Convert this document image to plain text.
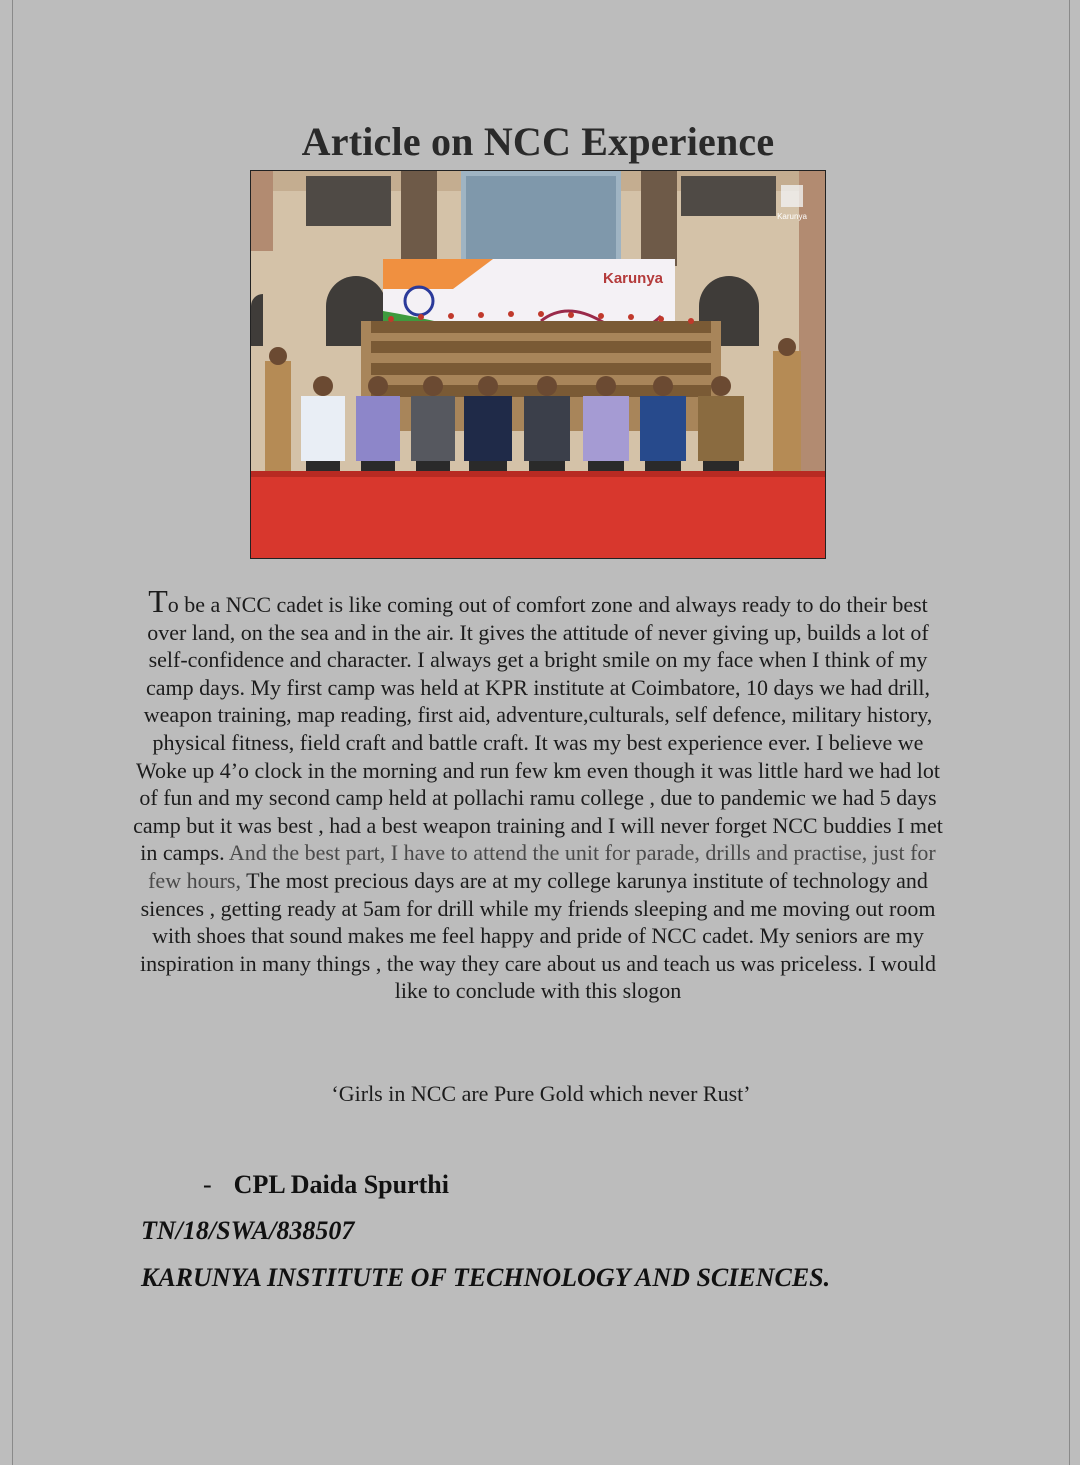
Article on NCC Experience
Karunya
Karunya
To be a NCC cadet is like coming out of comfort zone and always ready to do their best over land, on the sea and in the air. It gives the attitude of never giving up, builds a lot of self-confidence and character. I always get a bright smile on my face when I think of my camp days. My first camp was held at KPR institute at Coimbatore, 10 days we had drill, weapon training, map reading, first aid, adventure,culturals, self defence, military history, physical fitness, field craft and battle craft. It was my best experience ever. I believe we Woke up 4’o clock in the morning and run few km even though it was little hard we had lot of fun and my second camp held at pollachi ramu college , due to pandemic we had 5 days camp but it was best , had a best weapon training and I will never forget NCC buddies I met in camps. And the best part, I have to attend the unit for parade, drills and practise, just for few hours, The most precious days are at my college karunya institute of technology and siences , getting ready at 5am for drill while my friends sleeping and me moving out room with shoes that sound makes me feel happy and pride of NCC cadet. My seniors are my inspiration in many things , the way they care about us and teach us was priceless. I would like to conclude with this slogon
‘Girls in NCC are Pure Gold which never Rust’
- CPL Daida Spurthi
TN/18/SWA/838507
KARUNYA INSTITUTE OF TECHNOLOGY AND SCIENCES.
